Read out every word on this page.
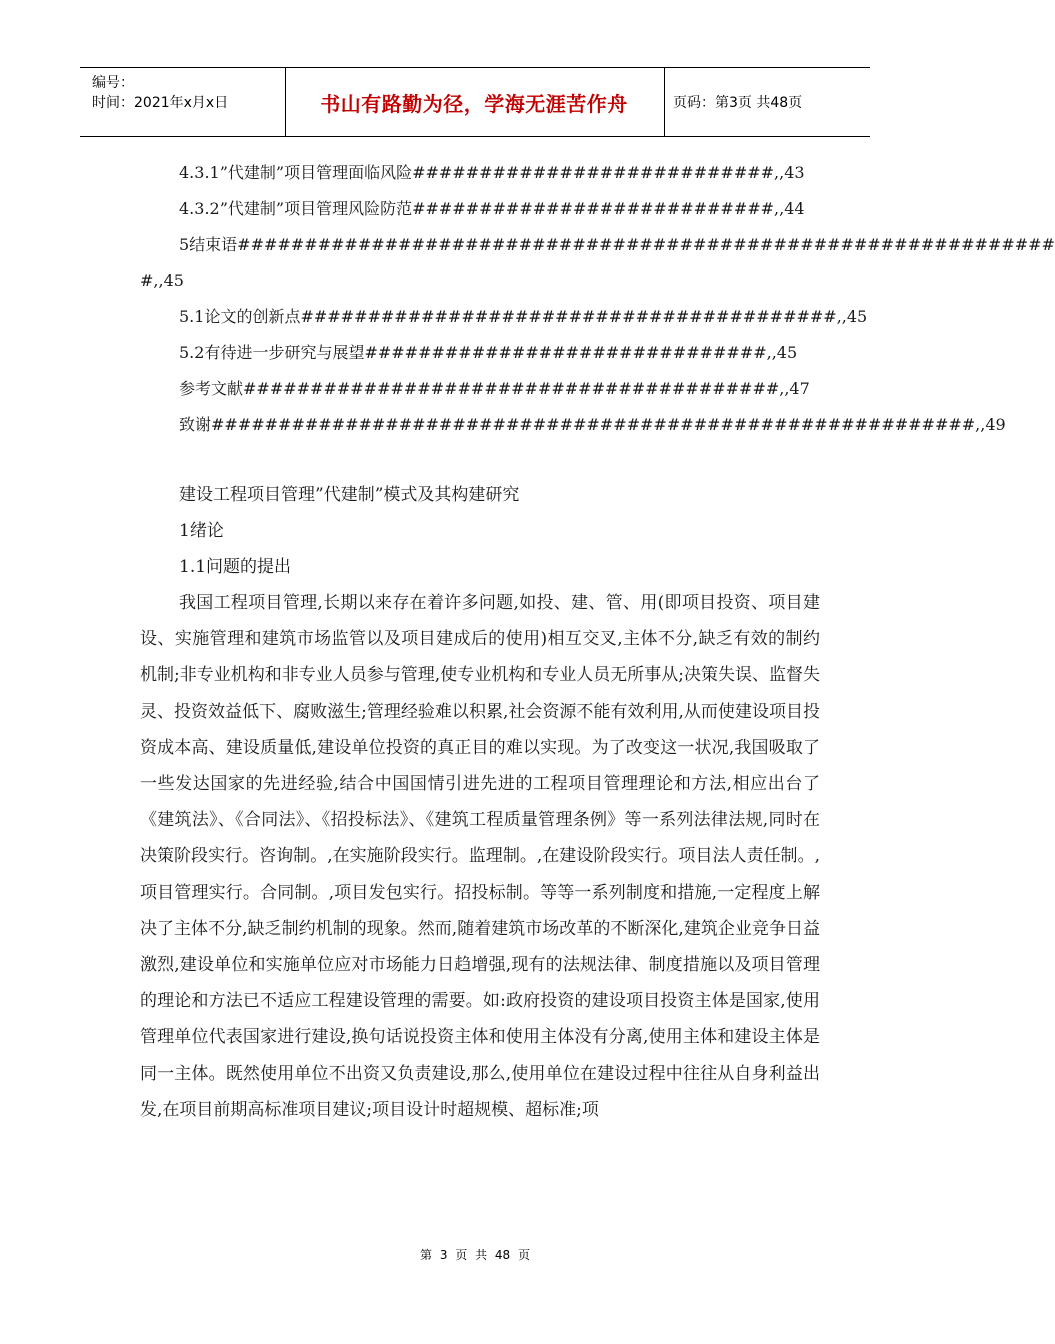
编号：
时间：2021年x月x日	书山有路勤为径，学海无涯苦作舟	页码：第3页 共48页
4.3.1”代建制”项目管理面临风险###########################,,43
4.3.2”代建制”项目管理风险防范###########################,,44
5结束语#############################################################
#,,45
5.1论文的创新点########################################,,45
5.2有待进一步研究与展望##############################,,45
参考文献########################################,,47
致谢#########################################################,,49

建设工程项目管理”代建制”模式及其构建研究

1绪论

1.1问题的提出

我国工程项目管理,长期以来存在着许多问题,如投、建、管、用(即项目投资、项目建设、实施管理和建筑市场监管以及项目建成后的使用)相互交叉,主体不分,缺乏有效的制约机制;非专业机构和非专业人员参与管理,使专业机构和专业人员无所事从;决策失误、监督失灵、投资效益低下、腐败滋生;管理经验难以积累,社会资源不能有效利用,从而使建设项目投资成本高、建设质量低,建设单位投资的真正目的难以实现。为了改变这一状况,我国吸取了一些发达国家的先进经验,结合中国国情引进先进的工程项目管理理论和方法,相应出台了《建筑法》、《合同法》、《招投标法》、《建筑工程质量管理条例》等一系列法律法规,同时在决策阶段实行。咨询制。,在实施阶段实行。监理制。,在建设阶段实行。项目法人责任制。,项目管理实行。合同制。,项目发包实行。招投标制。等等一系列制度和措施,一定程度上解决了主体不分,缺乏制约机制的现象。然而,随着建筑市场改革的不断深化,建筑企业竞争日益激烈,建设单位和实施单位应对市场能力日趋增强,现有的法规法律、制度措施以及项目管理的理论和方法已不适应工程建设管理的需要。如:政府投资的建设项目投资主体是国家,使用管理单位代表国家进行建设,换句话说投资主体和使用主体没有分离,使用主体和建设主体是同一主体。既然使用单位不出资又负责建设,那么,使用单位在建设过程中往往从自身利益出发,在项目前期高标准项目建议;项目设计时超规模、超标准;项

第 3 页 共 48 页
